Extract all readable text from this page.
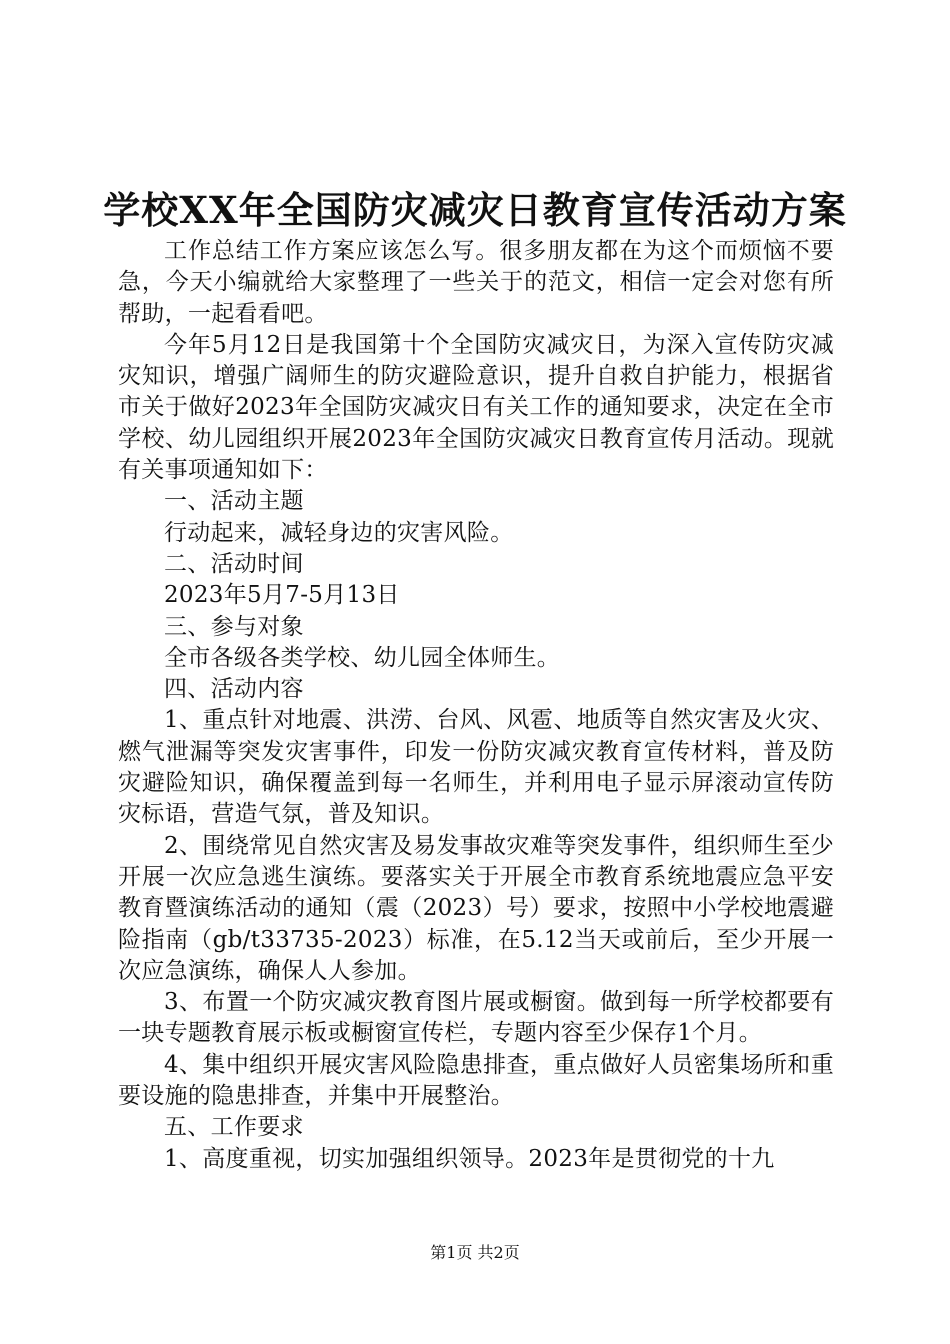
学校XX年全国防灾减灾日教育宣传活动方案

工作总结工作方案应该怎么写。很多朋友都在为这个而烦恼不要急，今天小编就给大家整理了一些关于的范文，相信一定会对您有所帮助，一起看看吧。

今年5月12日是我国第十个全国防灾减灾日，为深入宣传防灾减灾知识，增强广阔师生的防灾避险意识，提升自救自护能力，根据省市关于做好2023年全国防灾减灾日有关工作的通知要求，决定在全市学校、幼儿园组织开展2023年全国防灾减灾日教育宣传月活动。现就有关事项通知如下：

一、活动主题

行动起来，减轻身边的灾害风险。

二、活动时间

2023年5月7-5月13日

三、参与对象

全市各级各类学校、幼儿园全体师生。

四、活动内容

1、重点针对地震、洪涝、台风、风雹、地质等自然灾害及火灾、燃气泄漏等突发灾害事件，印发一份防灾减灾教育宣传材料，普及防灾避险知识，确保覆盖到每一名师生，并利用电子显示屏滚动宣传防灾标语，营造气氛，普及知识。

2、围绕常见自然灾害及易发事故灾难等突发事件，组织师生至少开展一次应急逃生演练。要落实关于开展全市教育系统地震应急平安教育暨演练活动的通知（震（2023）号）要求，按照中小学校地震避险指南（gb/t33735-2023）标准，在5.12当天或前后，至少开展一次应急演练，确保人人参加。

3、布置一个防灾减灾教育图片展或橱窗。做到每一所学校都要有一块专题教育展示板或橱窗宣传栏，专题内容至少保存1个月。

4、集中组织开展灾害风险隐患排查，重点做好人员密集场所和重要设施的隐患排查，并集中开展整治。

五、工作要求

1、高度重视，切实加强组织领导。2023年是贯彻党的十九

第1页 共2页
